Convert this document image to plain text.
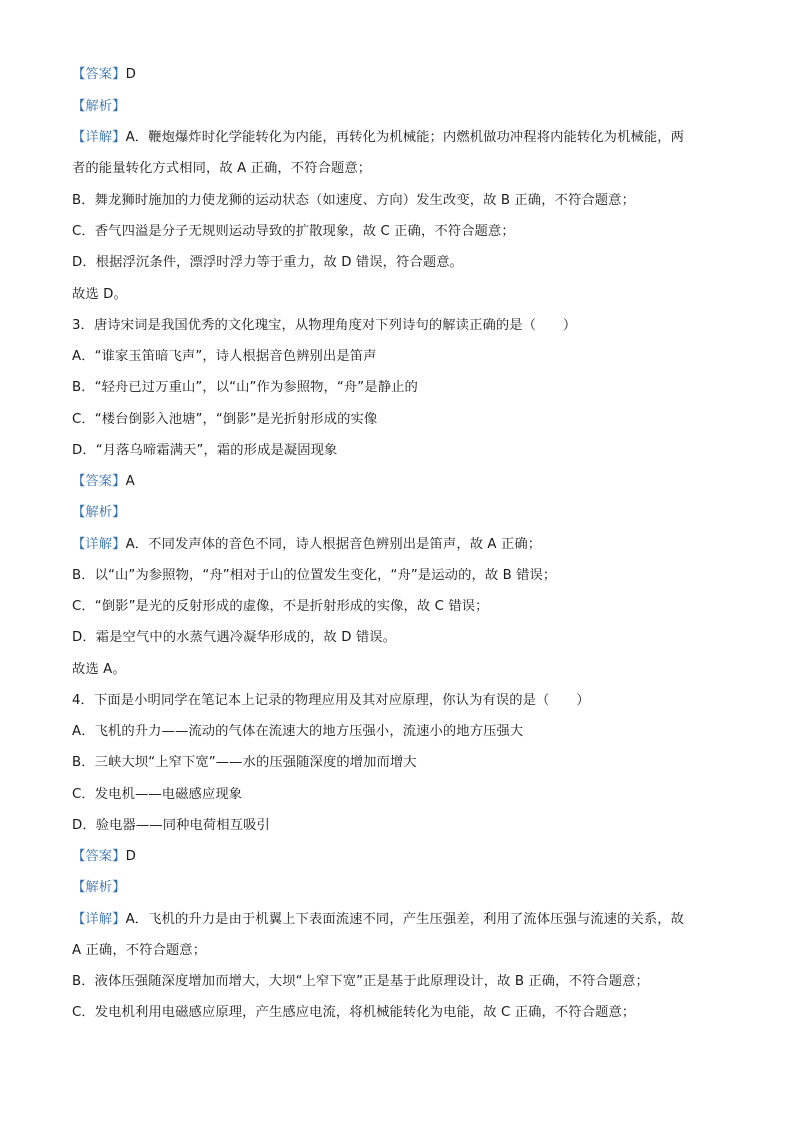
【答案】D
【解析】
【详解】A．鞭炮爆炸时化学能转化为内能，再转化为机械能；内燃机做功冲程将内能转化为机械能，两
者的能量转化方式相同，故 A 正确，不符合题意；
B．舞龙狮时施加的力使龙狮的运动状态（如速度、方向）发生改变，故 B 正确，不符合题意；
C．香气四溢是分子无规则运动导致的扩散现象，故 C 正确，不符合题意；
D．根据浮沉条件，漂浮时浮力等于重力，故 D 错误，符合题意。
故选 D。
3．唐诗宋词是我国优秀的文化瑰宝，从物理角度对下列诗句的解读正确的是（　　）
A．“谁家玉笛暗飞声”，诗人根据音色辨别出是笛声
B．“轻舟已过万重山”，以“山”作为参照物，“舟”是静止的
C．“楼台倒影入池塘”，“倒影”是光折射形成的实像
D．“月落乌啼霜满天”，霜的形成是凝固现象
【答案】A
【解析】
【详解】A．不同发声体的音色不同，诗人根据音色辨别出是笛声，故 A 正确；
B．以“山”为参照物，“舟”相对于山的位置发生变化，“舟”是运动的，故 B 错误；
C．“倒影”是光的反射形成的虚像，不是折射形成的实像，故 C 错误；
D．霜是空气中的水蒸气遇冷凝华形成的，故 D 错误。
故选 A。
4．下面是小明同学在笔记本上记录的物理应用及其对应原理，你认为有误的是（　　）
A．飞机的升力——流动的气体在流速大的地方压强小，流速小的地方压强大
B．三峡大坝“上窄下宽”——水的压强随深度的增加而增大
C．发电机——电磁感应现象
D．验电器——同种电荷相互吸引
【答案】D
【解析】
【详解】A．飞机的升力是由于机翼上下表面流速不同，产生压强差，利用了流体压强与流速的关系，故
A 正确，不符合题意；
B．液体压强随深度增加而增大，大坝“上窄下宽”正是基于此原理设计，故 B 正确，不符合题意；
C．发电机利用电磁感应原理，产生感应电流，将机械能转化为电能，故 C 正确，不符合题意；
